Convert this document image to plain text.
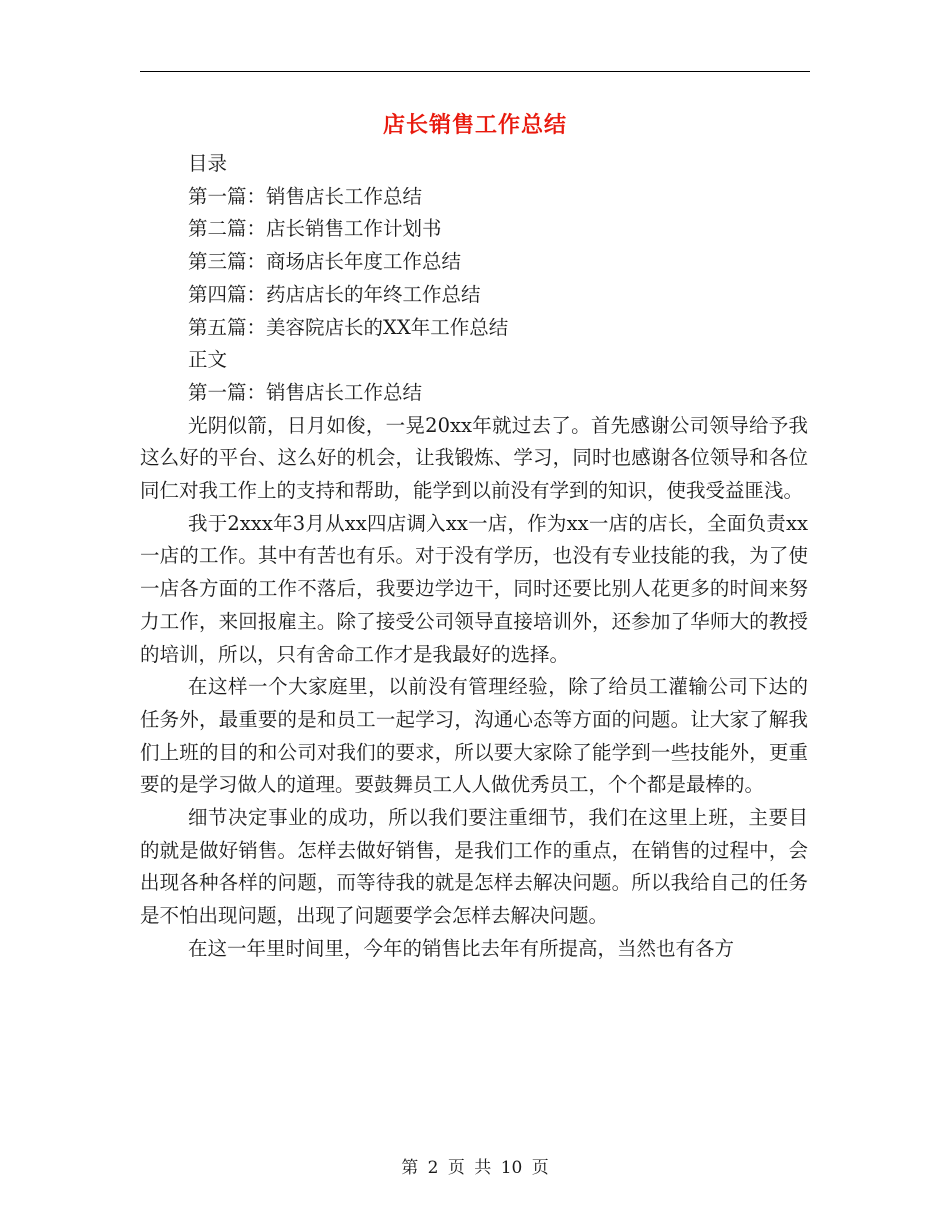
店长销售工作总结
目录
第一篇：销售店长工作总结
第二篇：店长销售工作计划书
第三篇：商场店长年度工作总结
第四篇：药店店长的年终工作总结
第五篇：美容院店长的XX年工作总结
正文
第一篇：销售店长工作总结

光阴似箭，日月如俊，一晃20xx年就过去了。首先感谢公司领导给予我这么好的平台、这么好的机会，让我锻炼、学习，同时也感谢各位领导和各位同仁对我工作上的支持和帮助，能学到以前没有学到的知识，使我受益匪浅。

我于2xxx年3月从xx四店调入xx一店，作为xx一店的店长，全面负责xx一店的工作。其中有苦也有乐。对于没有学历，也没有专业技能的我，为了使一店各方面的工作不落后，我要边学边干，同时还要比别人花更多的时间来努力工作，来回报雇主。除了接受公司领导直接培训外，还参加了华师大的教授的培训，所以，只有舍命工作才是我最好的选择。

在这样一个大家庭里，以前没有管理经验，除了给员工灌输公司下达的任务外，最重要的是和员工一起学习，沟通心态等方面的问题。让大家了解我们上班的目的和公司对我们的要求，所以要大家除了能学到一些技能外，更重要的是学习做人的道理。要鼓舞员工人人做优秀员工，个个都是最棒的。

细节决定事业的成功，所以我们要注重细节，我们在这里上班，主要目的就是做好销售。怎样去做好销售，是我们工作的重点，在销售的过程中，会出现各种各样的问题，而等待我的就是怎样去解决问题。所以我给自己的任务是不怕出现问题，出现了问题要学会怎样去解决问题。

在这一年里时间里，今年的销售比去年有所提高，当然也有各方

第 2 页 共 10 页
